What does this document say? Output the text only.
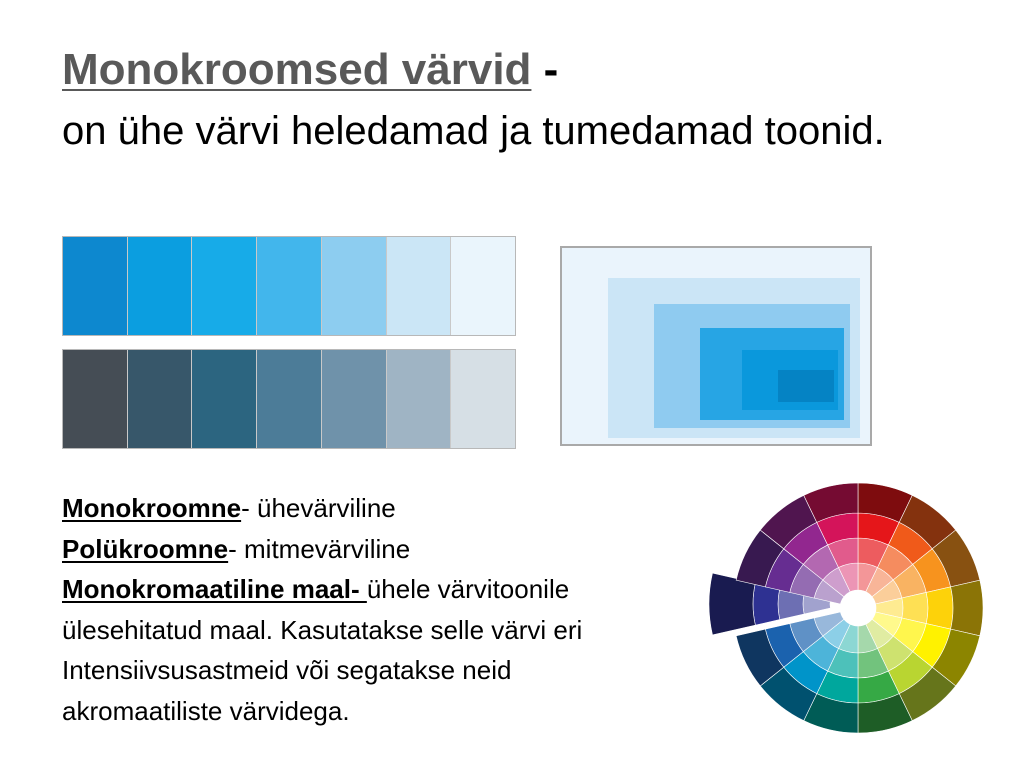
Monokroomsed värvid -
on ühe värvi heledamad ja tumedamad toonid.
Monokroomne- ühevärviline
Polükroomne- mitmevärviline
Monokromaatiline maal- ühele värvitoonile
ülesehitatud maal. Kasutatakse selle värvi eri
Intensiivsusastmeid või segatakse neid
akromaatiliste värvidega.
